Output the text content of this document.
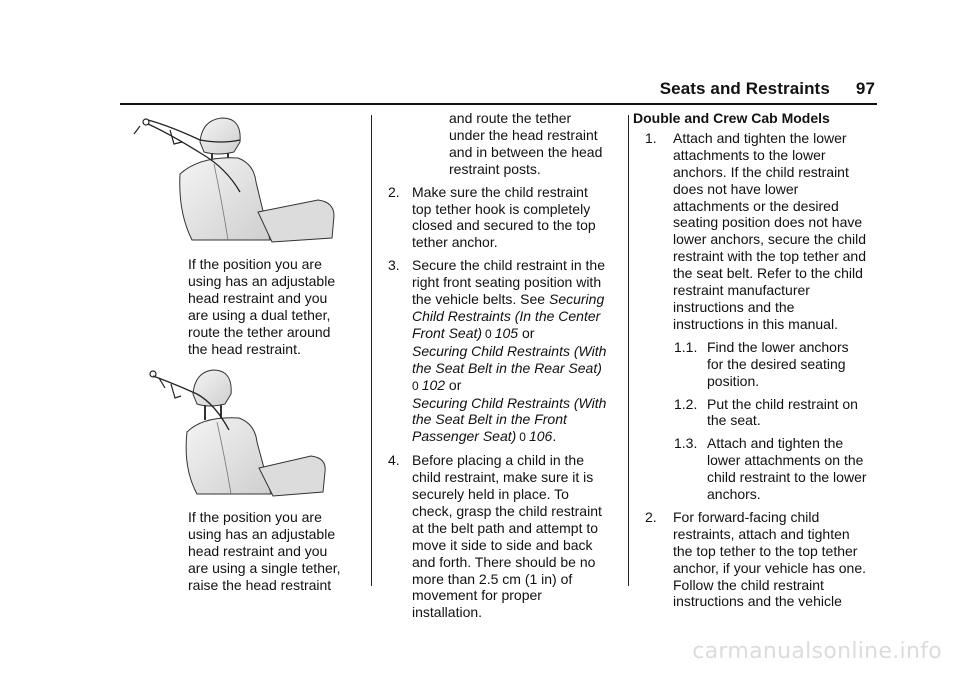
Seats and Restraints 97

If the position you are
using has an adjustable
head restraint and you
are using a dual tether,
route the tether around
the head restraint.

If the position you are
using has an adjustable
head restraint and you
are using a single tether,
raise the head restraint

and route the tether
under the head restraint
and in between the head
restraint posts.

2. Make sure the child restraint
top tether hook is completely
closed and secured to the top
tether anchor.
3. Secure the child restraint in the
right front seating position with
the vehicle belts. See Securing
Child Restraints (In the Center
Front Seat) 0 105 or
Securing Child Restraints (With
the Seat Belt in the Rear Seat)
0 102 or
Securing Child Restraints (With
the Seat Belt in the Front
Passenger Seat) 0 106.
4. Before placing a child in the
child restraint, make sure it is
securely held in place. To
check, grasp the child restraint
at the belt path and attempt to
move it side to side and back
and forth. There should be no
more than 2.5 cm (1 in) of
movement for proper
installation.

Double and Crew Cab Models

1.	Attach and tighten the lower
attachments to the lower
anchors. If the child restraint
does not have lower
attachments or the desired
seating position does not have
lower anchors, secure the child
restraint with the top tether and
the seat belt. Refer to the child
restraint manufacturer
instructions and the
instructions in this manual.
1.1. Find the lower anchors
for the desired seating
position.
1.2. Put the child restraint on
the seat.
1.3. Attach and tighten the
lower attachments on the
child restraint to the lower
anchors.
2.	For forward-facing child
restraints, attach and tighten
the top tether to the top tether
anchor, if your vehicle has one.
Follow the child restraint
instructions and the vehicle
carmanualsonline.info
